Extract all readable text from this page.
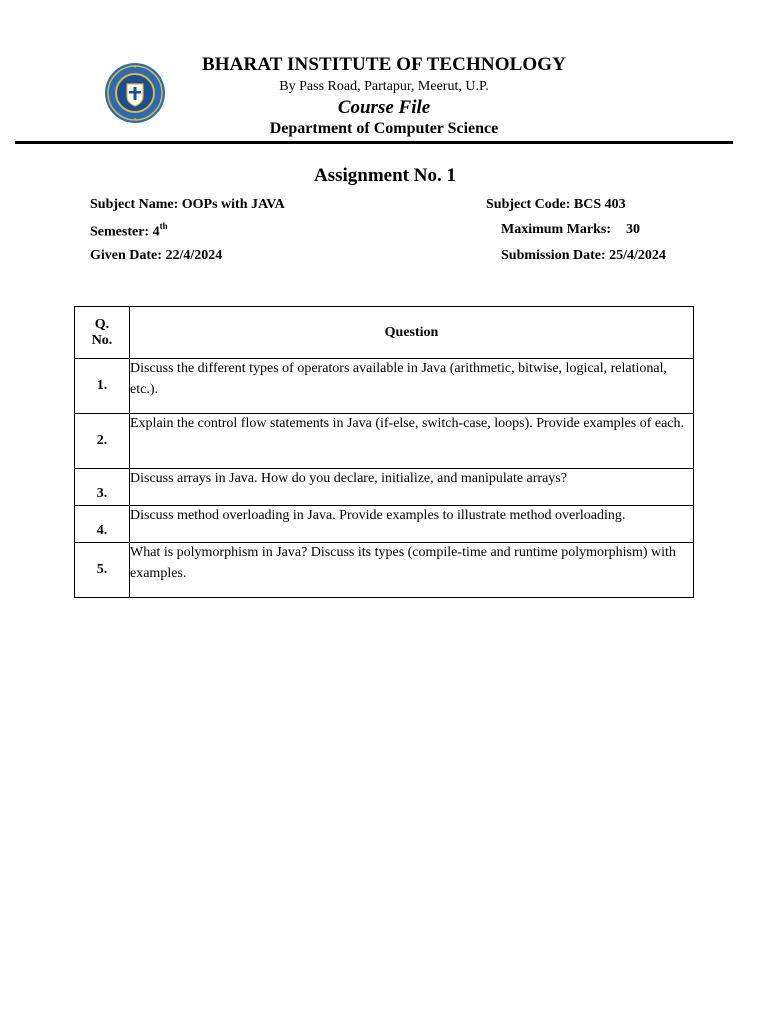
BHARAT INSTITUTE OF TECHNOLOGY
By Pass Road, Partapur, Meerut, U.P.
Course File
Department of Computer Science
Assignment No. 1
Subject Name: OOPs with JAVA	Subject Code: BCS 403
Semester: 4th	Maximum Marks: 30
Given Date: 22/4/2024	Submission Date: 25/4/2024
Q.
No.	Question
1.	Discuss the different types of operators available in Java (arithmetic, bitwise, logical, relational, etc.).
2.	Explain the control flow statements in Java (if-else, switch-case, loops). Provide examples of each.
3.	Discuss arrays in Java. How do you declare, initialize, and manipulate arrays?
4.	Discuss method overloading in Java. Provide examples to illustrate method overloading.
5.	What is polymorphism in Java? Discuss its types (compile-time and runtime polymorphism) with examples.
